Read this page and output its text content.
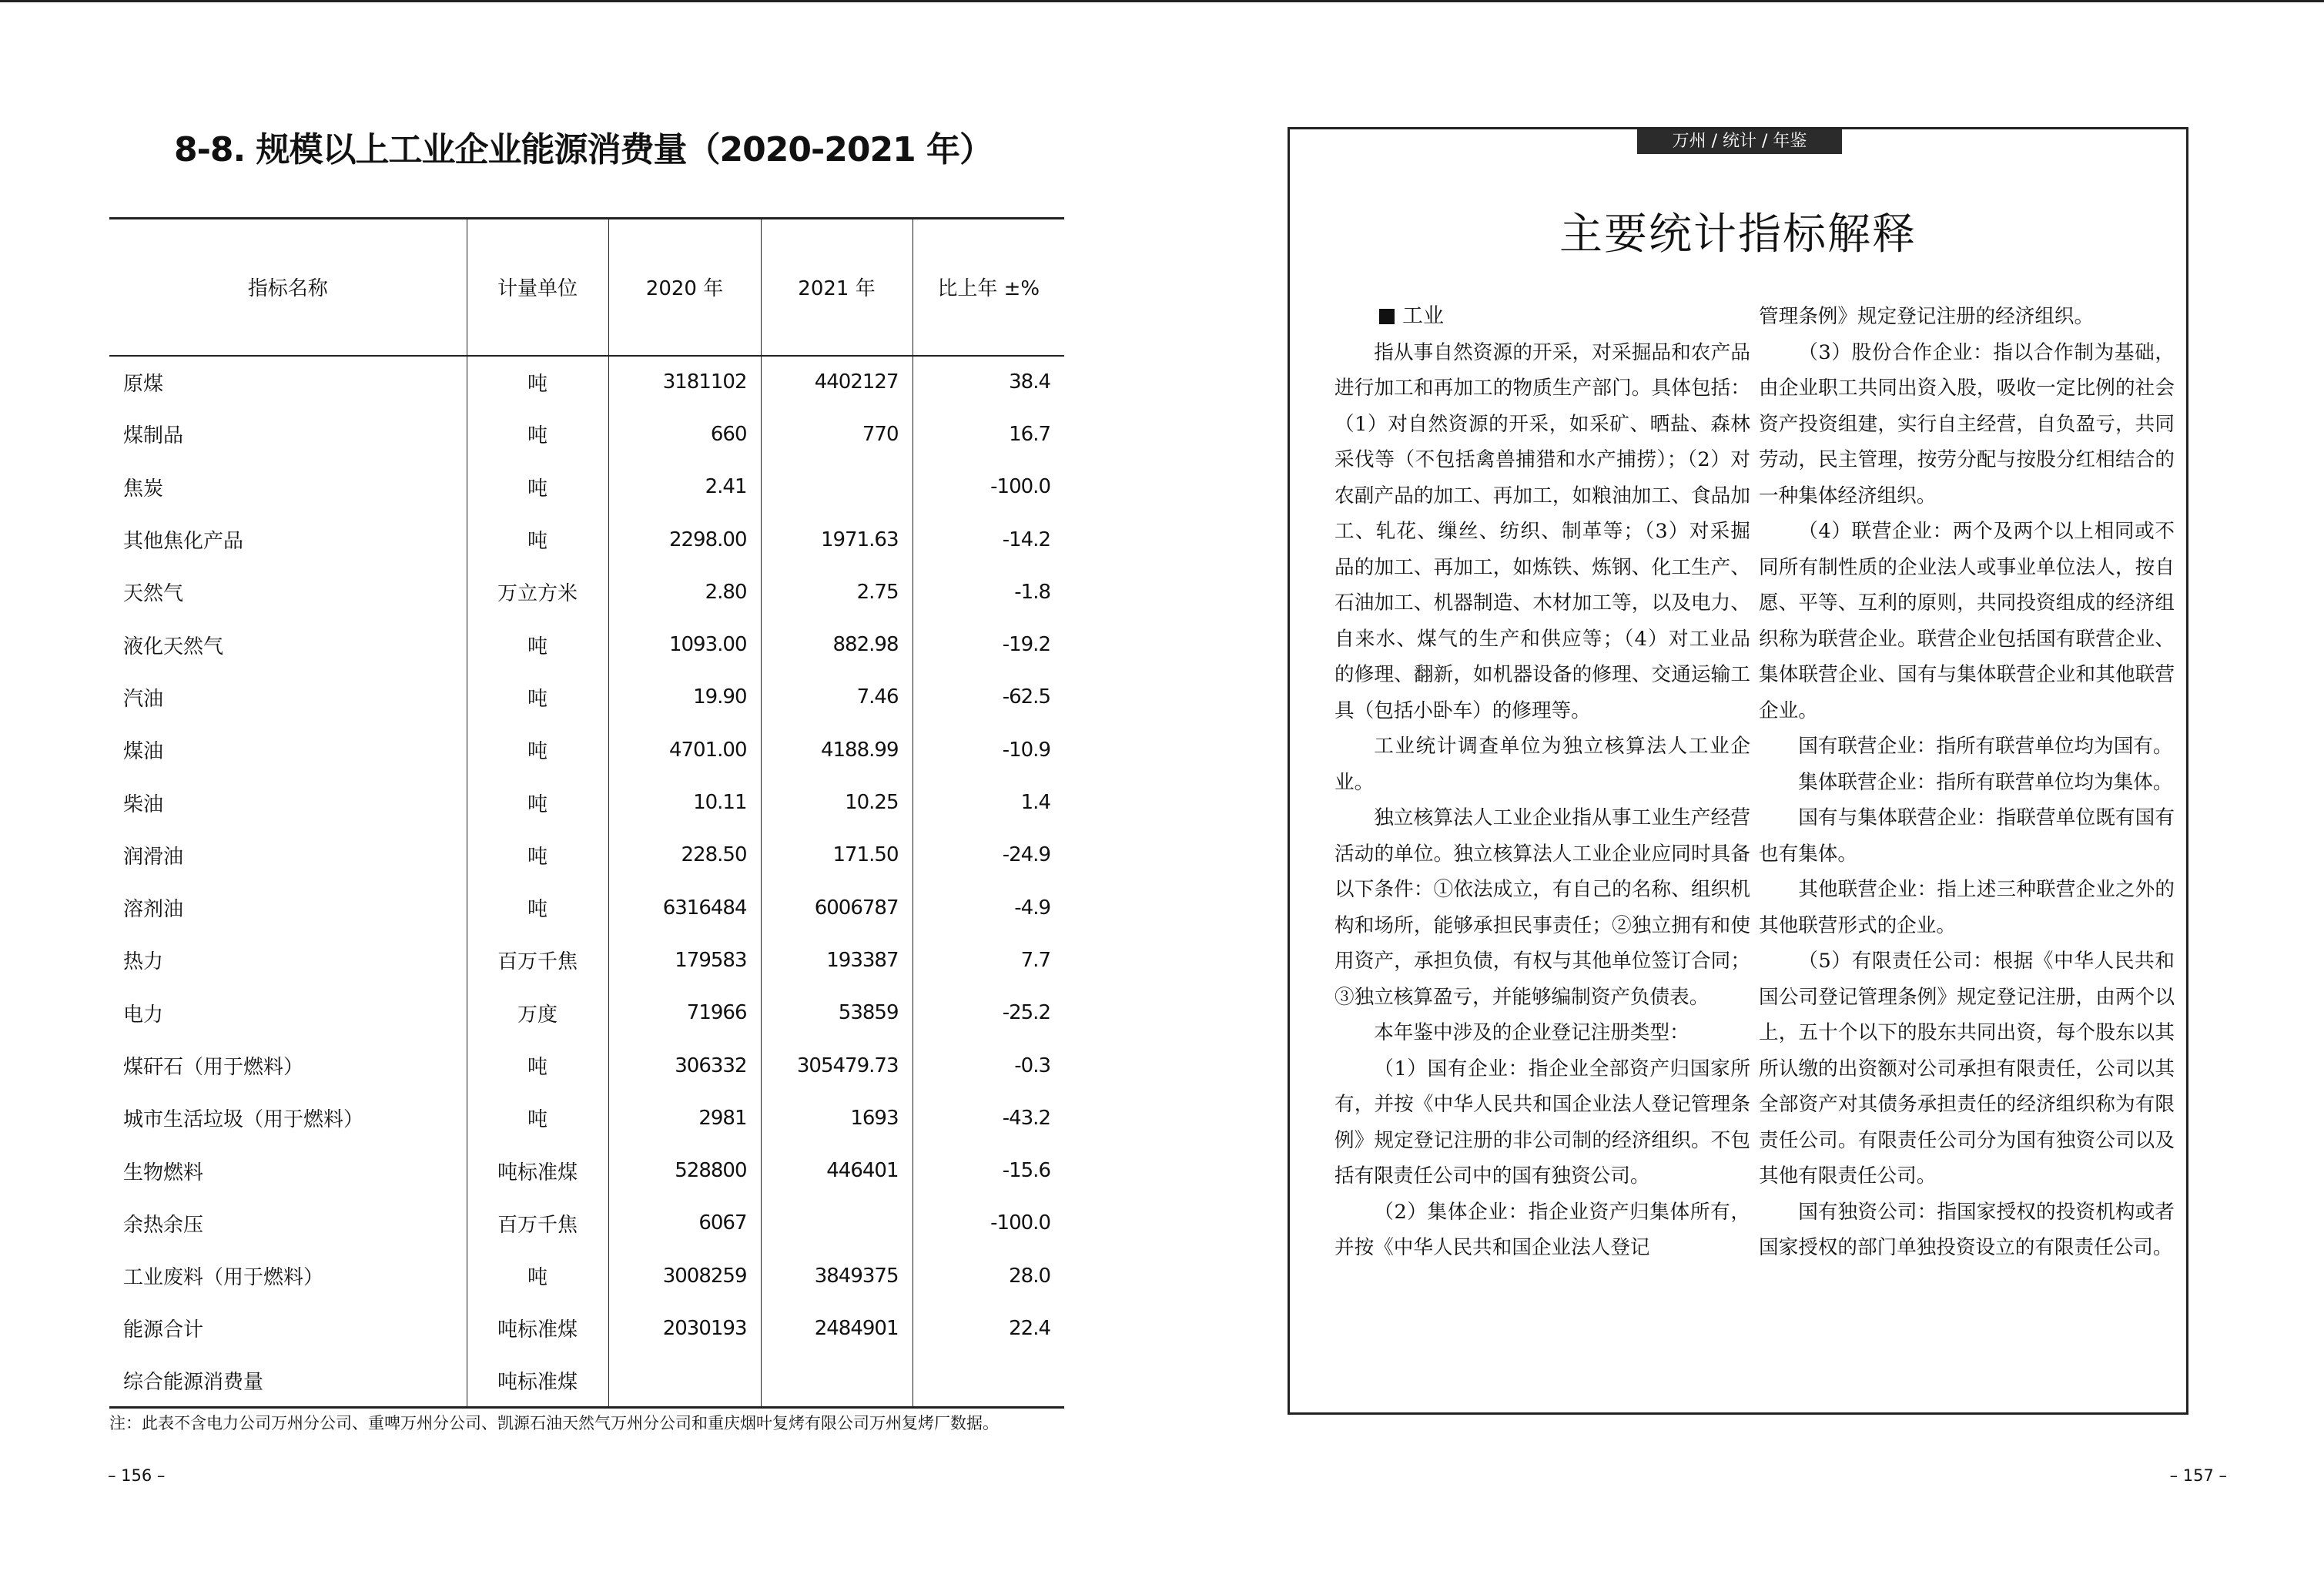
8-8. 规模以上工业企业能源消费量（2020-2021 年）
指标名称	计量单位	2020 年	2021 年	比上年 ±%
原煤	吨	3181102	4402127	38.4
煤制品	吨	660	770	16.7
焦炭	吨	2.41		-100.0
其他焦化产品	吨	2298.00	1971.63	-14.2
天然气	万立方米	2.80	2.75	-1.8
液化天然气	吨	1093.00	882.98	-19.2
汽油	吨	19.90	7.46	-62.5
煤油	吨	4701.00	4188.99	-10.9
柴油	吨	10.11	10.25	1.4
润滑油	吨	228.50	171.50	-24.9
溶剂油	吨	6316484	6006787	-4.9
热力	百万千焦	179583	193387	7.7
电力	万度	71966	53859	-25.2
煤矸石（用于燃料）	吨	306332	305479.73	-0.3
城市生活垃圾（用于燃料）	吨	2981	1693	-43.2
生物燃料	吨标准煤	528800	446401	-15.6
余热余压	百万千焦	6067		-100.0
工业废料（用于燃料）	吨	3008259	3849375	28.0
能源合计	吨标准煤	2030193	2484901	22.4
综合能源消费量	吨标准煤			
注：此表不含电力公司万州分公司、重啤万州分公司、凯源石油天然气万州分公司和重庆烟叶复烤有限公司万州复烤厂数据。
– 156 –
万州 / 统计 / 年鉴
主要统计指标解释

工业

指从事自然资源的开采，对采掘品和农产品进行加工和再加工的物质生产部门。具体包括：（1）对自然资源的开采，如采矿、晒盐、森林采伐等（不包括禽兽捕猎和水产捕捞）；（2）对农副产品的加工、再加工，如粮油加工、食品加工、轧花、缫丝、纺织、制革等；（3）对采掘品的加工、再加工，如炼铁、炼钢、化工生产、石油加工、机器制造、木材加工等，以及电力、自来水、煤气的生产和供应等；（4）对工业品的修理、翻新，如机器设备的修理、交通运输工具（包括小卧车）的修理等。

工业统计调查单位为独立核算法人工业企业。

独立核算法人工业企业指从事工业生产经营活动的单位。独立核算法人工业企业应同时具备以下条件：①依法成立，有自己的名称、组织机构和场所，能够承担民事责任；②独立拥有和使用资产，承担负债，有权与其他单位签订合同；③独立核算盈亏，并能够编制资产负债表。

本年鉴中涉及的企业登记注册类型：

（1）国有企业：指企业全部资产归国家所有，并按《中华人民共和国企业法人登记管理条例》规定登记注册的非公司制的经济组织。不包括有限责任公司中的国有独资公司。

（2）集体企业：指企业资产归集体所有，并按《中华人民共和国企业法人登记

管理条例》规定登记注册的经济组织。

（3）股份合作企业：指以合作制为基础，由企业职工共同出资入股，吸收一定比例的社会资产投资组建，实行自主经营，自负盈亏，共同劳动，民主管理，按劳分配与按股分红相结合的一种集体经济组织。

（4）联营企业：两个及两个以上相同或不同所有制性质的企业法人或事业单位法人，按自愿、平等、互利的原则，共同投资组成的经济组织称为联营企业。联营企业包括国有联营企业、集体联营企业、国有与集体联营企业和其他联营企业。

国有联营企业：指所有联营单位均为国有。

集体联营企业：指所有联营单位均为集体。

国有与集体联营企业：指联营单位既有国有也有集体。

其他联营企业：指上述三种联营企业之外的其他联营形式的企业。

（5）有限责任公司：根据《中华人民共和国公司登记管理条例》规定登记注册，由两个以上，五十个以下的股东共同出资，每个股东以其所认缴的出资额对公司承担有限责任，公司以其全部资产对其债务承担责任的经济组织称为有限责任公司。有限责任公司分为国有独资公司以及其他有限责任公司。

国有独资公司：指国家授权的投资机构或者国家授权的部门单独投资设立的有限责任公司。

– 157 –
